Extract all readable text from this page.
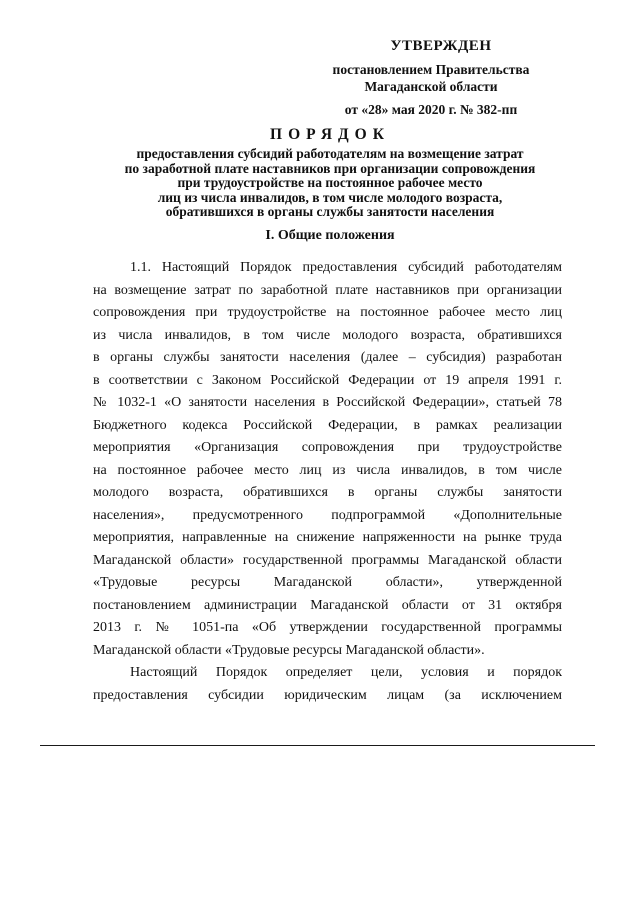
УТВЕРЖДЕН
постановлением Правительства
Магаданской области
от «28» мая 2020 г. № 382-пп
ПОРЯДОК
предоставления субсидий работодателям на возмещение затрат
по заработной плате наставников при организации сопровождения
при трудоустройстве на постоянное рабочее место
лиц из числа инвалидов, в том числе молодого возраста,
обратившихся в органы службы занятости населения
I. Общие положения
1.1. Настоящий Порядок предоставления субсидий работодателям
на возмещение затрат по заработной плате наставников при организации
сопровождения при трудоустройстве на постоянное рабочее место лиц
из числа инвалидов, в том числе молодого возраста, обратившихся
в органы службы занятости населения (далее – субсидия) разработан
в соответствии с Законом Российской Федерации от 19 апреля 1991 г.
№ 1032-1 «О занятости населения в Российской Федерации», статьей 78
Бюджетного кодекса Российской Федерации, в рамках реализации
мероприятия «Организация сопровождения при трудоустройстве
на постоянное рабочее место лиц из числа инвалидов, в том числе
молодого возраста, обратившихся в органы службы занятости
населения», предусмотренного подпрограммой «Дополнительные
мероприятия, направленные на снижение напряженности на рынке труда
Магаданской области» государственной программы Магаданской области
«Трудовые ресурсы Магаданской области», утвержденной
постановлением администрации Магаданской области от 31 октября
2013 г. № 1051-па «Об утверждении государственной программы
Магаданской области «Трудовые ресурсы Магаданской области».
Настоящий Порядок определяет цели, условия и порядок
предоставления субсидии юридическим лицам (за исключением
